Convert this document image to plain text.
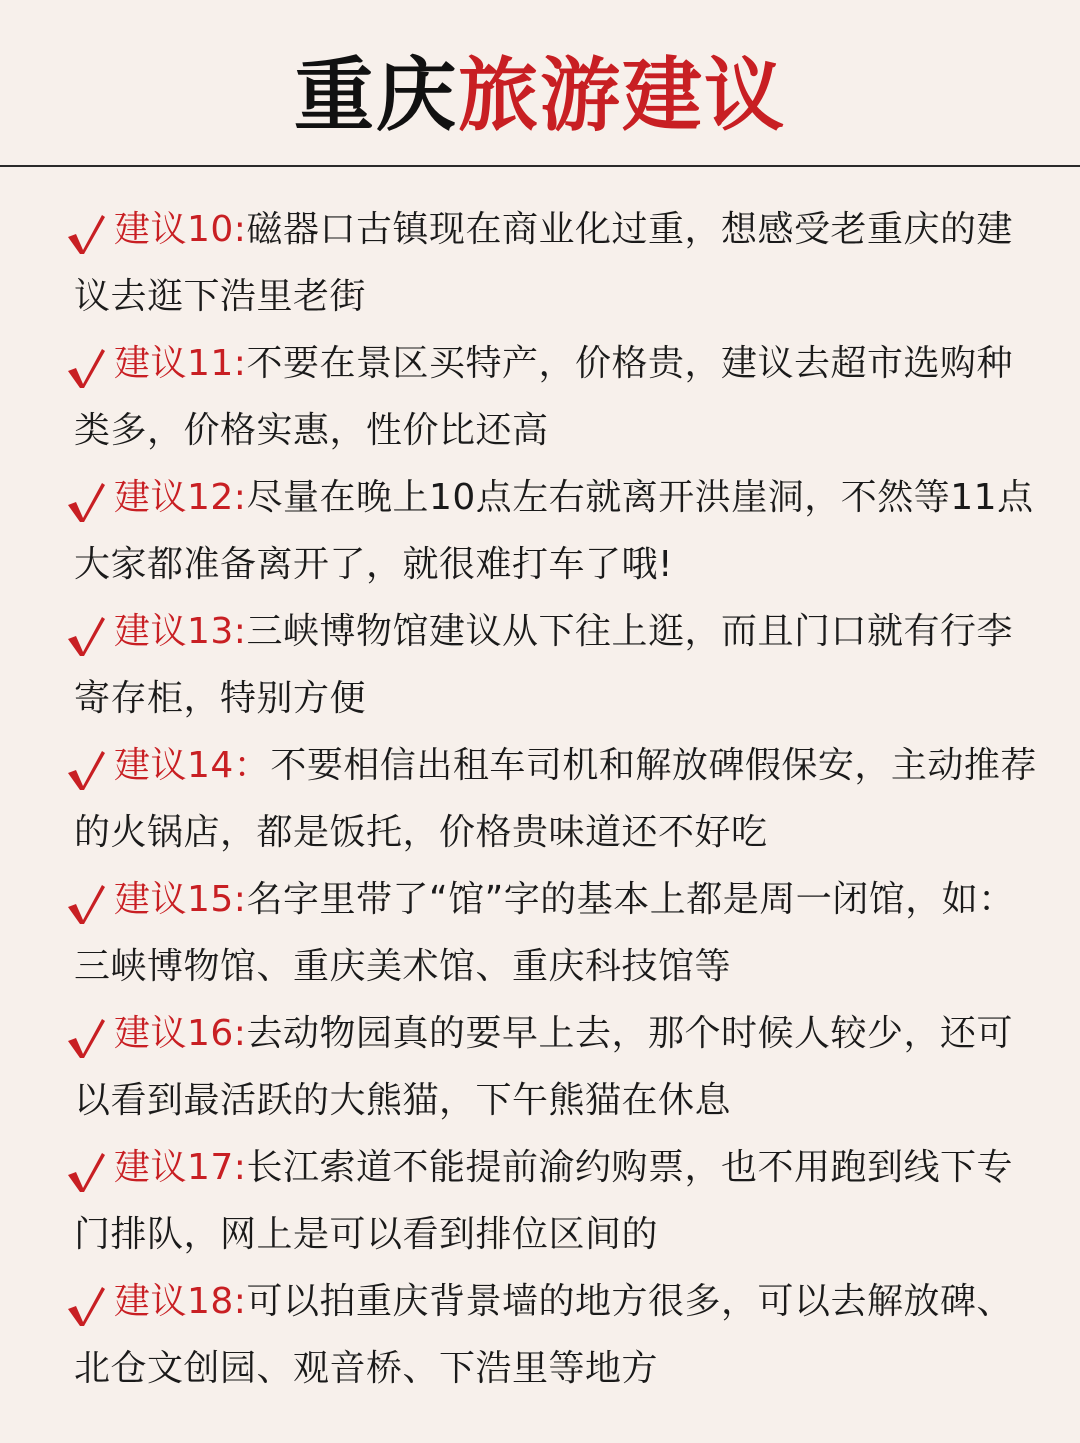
重庆旅游建议

建议10:磁器口古镇现在商业化过重，想感受老重庆的建议去逛下浩里老街

建议11:不要在景区买特产，价格贵，建议去超市选购种类多，价格实惠，性价比还高

建议12:尽量在晚上10点左右就离开洪崖洞，不然等11点大家都准备离开了，就很难打车了哦!

建议13:三峡博物馆建议从下往上逛，而且门口就有行李寄存柜，特别方便

建议14：不要相信出租车司机和解放碑假保安，主动推荐的火锅店，都是饭托，价格贵味道还不好吃

建议15:名字里带了“馆”字的基本上都是周一闭馆，如：三峡博物馆、重庆美术馆、重庆科技馆等

建议16:去动物园真的要早上去，那个时候人较少，还可以看到最活跃的大熊猫，下午熊猫在休息

建议17:长江索道不能提前渝约购票，也不用跑到线下专门排队，网上是可以看到排位区间的

建议18:可以拍重庆背景墙的地方很多，可以去解放碑、北仓文创园、观音桥、下浩里等地方
